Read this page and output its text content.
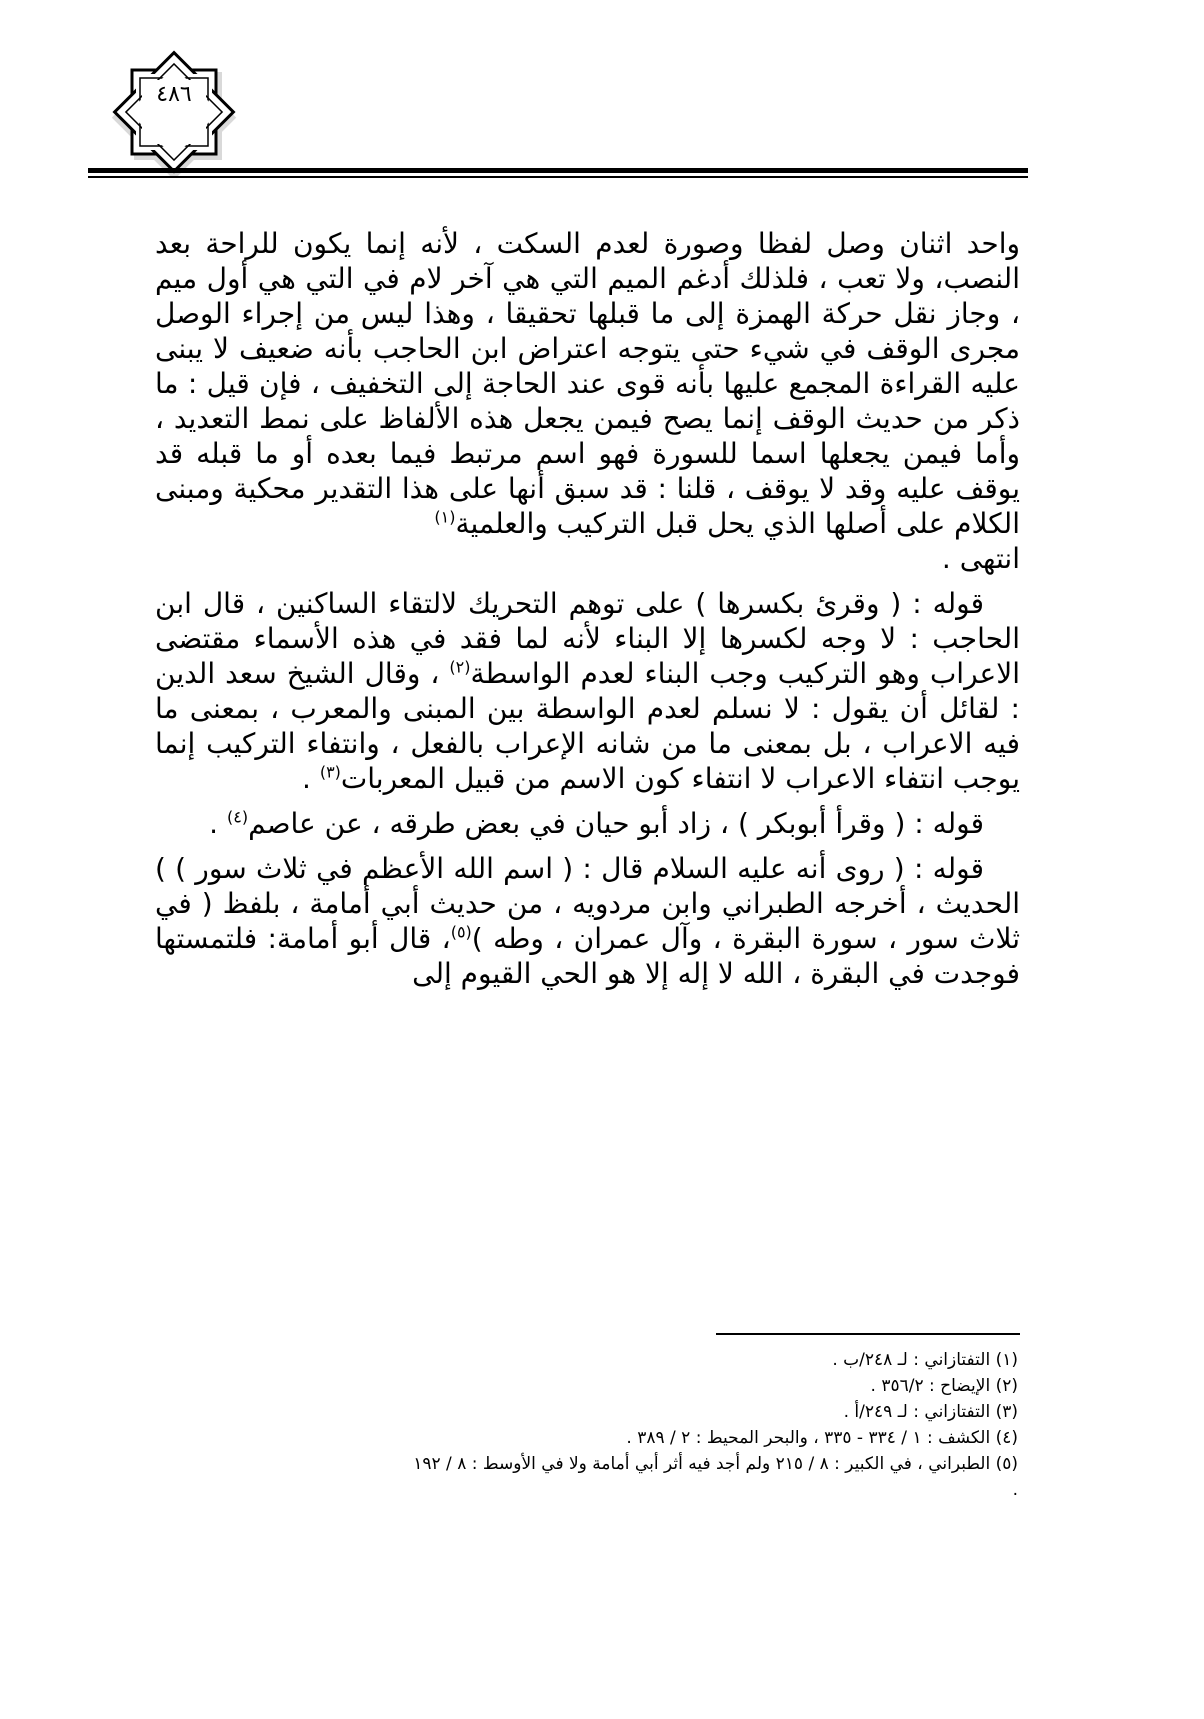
٤٨٦

واحد اثنان وصل لفظا وصورة لعدم السكت ، لأنه إنما يكون للراحة بعد النصب، ولا تعب ، فلذلك أدغم الميم التي هي آخر لام في التي هي أول ميم ، وجاز نقل حركة الهمزة إلى ما قبلها تحقيقا ، وهذا ليس من إجراء الوصل مجرى الوقف في شيء حتى يتوجه اعتراض ابن الحاجب بأنه ضعيف لا يبنى عليه القراءة المجمع عليها بأنه قوى عند الحاجة إلى التخفيف ، فإن قيل : ما ذكر من حديث الوقف إنما يصح فيمن يجعل هذه الألفاظ على نمط التعديد ، وأما فيمن يجعلها اسما للسورة فهو اسم مرتبط فيما بعده أو ما قبله قد يوقف عليه وقد لا يوقف ، قلنا : قد سبق أنها على هذا التقدير محكية ومبنى الكلام على أصلها الذي يحل قبل التركيب والعلمية$^{(١)}$
انتهى .

قوله : ( وقرئ بكسرها ) على توهم التحريك لالتقاء الساكنين ، قال ابن الحاجب : لا وجه لكسرها إلا البناء لأنه لما فقد في هذه الأسماء مقتضى الاعراب وهو التركيب وجب البناء لعدم الواسطة$^{(٢)}$ ، وقال الشيخ سعد الدين : لقائل أن يقول : لا نسلم لعدم الواسطة بين المبنى والمعرب ، بمعنى ما فيه الاعراب ، بل بمعنى ما من شانه الإعراب بالفعل ، وانتفاء التركيب إنما يوجب انتفاء الاعراب لا انتفاء كون الاسم من قبيل المعربات$^{(٣)}$ .

قوله : ( وقرأ أبوبكر ) ، زاد أبو حيان في بعض طرقه ، عن عاصم$^{(٤)}$ .

قوله : ( روى أنه عليه السلام قال : ( اسم الله الأعظم في ثلاث سور ) ) الحديث ، أخرجه الطبراني وابن مردويه ، من حديث أبي أمامة ، بلفظ ( في ثلاث سور ، سورة البقرة ، وآل عمران ، وطه )$^{(٥)}$، قال أبو أمامة: فلتمستها فوجدت في البقرة ، الله لا إله إلا هو الحي القيوم إلى

(١) التفتازاني : لـ ٢٤٨/ب .
(٢) الإيضاح : ٣٥٦/٢ .
(٣) التفتازاني : لـ ٢٤٩/أ .
(٤) الكشف : ١ / ٣٣٤ - ٣٣٥ ، والبحر المحيط : ٢ / ٣٨٩ .
(٥) الطبراني ، في الكبير : ٨ / ٢١٥ ولم أجد فيه أثر أبي أمامة ولا في الأوسط : ٨ / ١٩٢
.
